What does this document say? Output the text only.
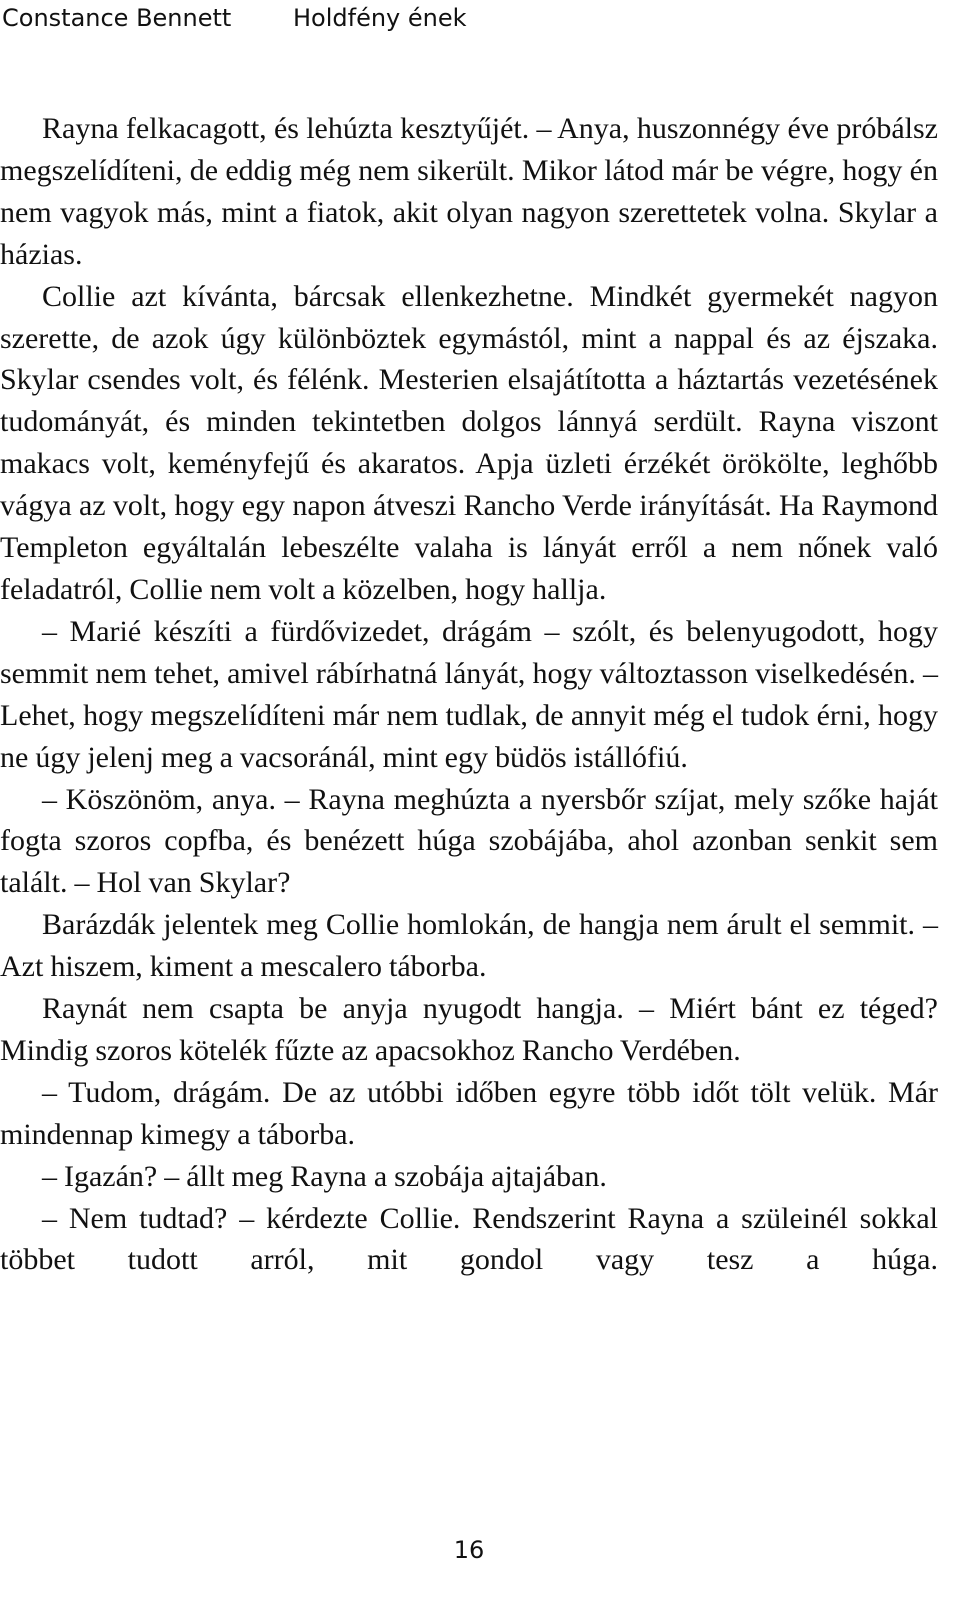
Constance Bennett	Holdfény ének

Rayna felkacagott, és lehúzta kesztyűjét. – Anya, huszonnégy éve próbálsz megszelídíteni, de eddig még nem sikerült. Mikor látod már be végre, hogy én nem vagyok más, mint a fiatok, akit olyan nagyon szerettetek volna. Skylar a házias.

Collie azt kívánta, bárcsak ellenkezhetne. Mindkét gyermekét nagyon szerette, de azok úgy különböztek egymástól, mint a nappal és az éjszaka. Skylar csendes volt, és félénk. Mesterien elsajátította a háztartás vezetésének tudományát, és minden tekintetben dolgos lánnyá serdült. Rayna viszont makacs volt, keményfejű és akaratos. Apja üzleti érzékét örökölte, leghőbb vágya az volt, hogy egy napon átveszi Rancho Verde irányítását. Ha Raymond Templeton egyáltalán lebeszélte valaha is lányát erről a nem nőnek való feladatról, Collie nem volt a közelben, hogy hallja.

– Marié készíti a fürdővizedet, drágám – szólt, és belenyugodott, hogy semmit nem tehet, amivel rábírhatná lányát, hogy változtasson viselkedésén. – Lehet, hogy megszelídíteni már nem tudlak, de annyit még el tudok érni, hogy ne úgy jelenj meg a vacsoránál, mint egy büdös istállófiú.

– Köszönöm, anya. – Rayna meghúzta a nyersbőr szíjat, mely szőke haját fogta szoros copfba, és benézett húga szobájába, ahol azonban senkit sem talált. – Hol van Skylar?

Barázdák jelentek meg Collie homlokán, de hangja nem árult el semmit. – Azt hiszem, kiment a mescalero táborba.

Raynát nem csapta be anyja nyugodt hangja. – Miért bánt ez téged? Mindig szoros kötelék fűzte az apacsokhoz Rancho Verdében.

– Tudom, drágám. De az utóbbi időben egyre több időt tölt velük. Már mindennap kimegy a táborba.

– Igazán? – állt meg Rayna a szobája ajtajában.

– Nem tudtad? – kérdezte Collie. Rendszerint Rayna a szüleinél sokkal többet tudott arról, mit gondol vagy tesz a húga.

16
